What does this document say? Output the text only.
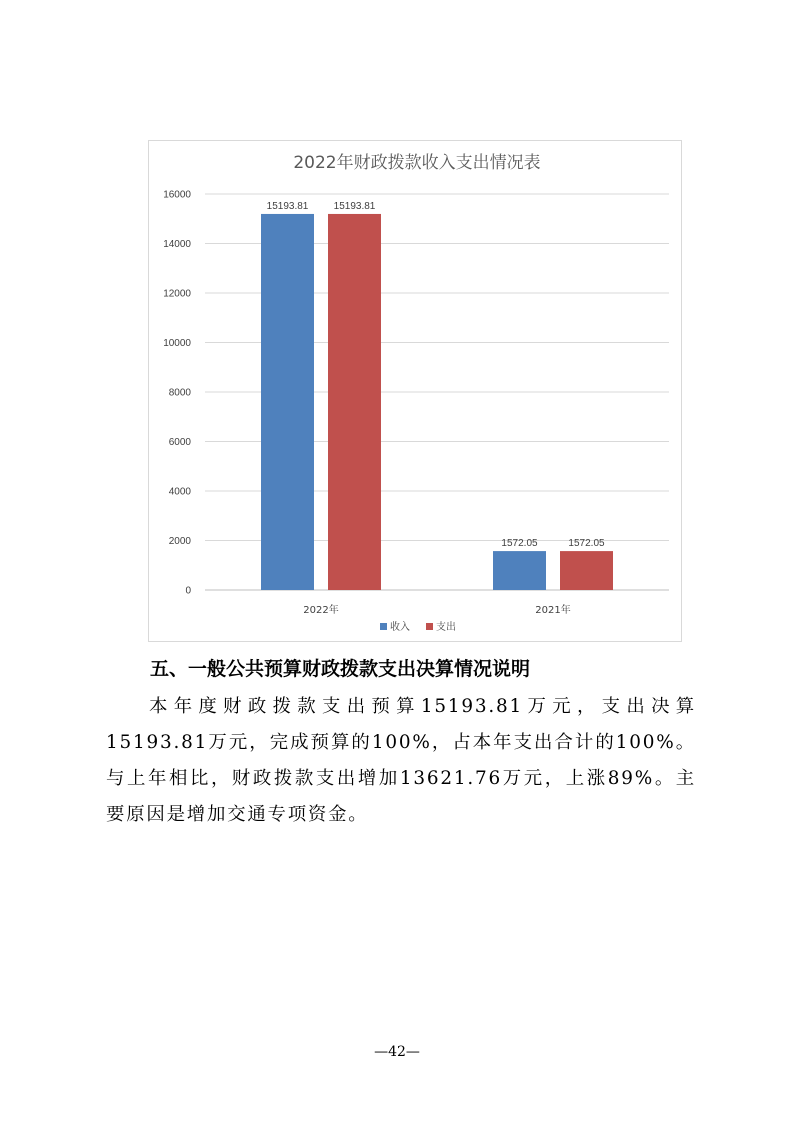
2022年财政拨款收入支出情况表
0
2000
4000
6000
8000
10000
12000
14000
16000
15193.81	15193.81
1572.05	1572.05
2022年	2021年
收入	支出
五、一般公共预算财政拨款支出决算情况说明

本年度财政拨款支出预算15193.81万元，支出决算15193.81万元，完成预算的100%，占本年支出合计的100%。与上年相比，财政拨款支出增加13621.76万元，上涨89%。主要原因是增加交通专项资金。

—42—
